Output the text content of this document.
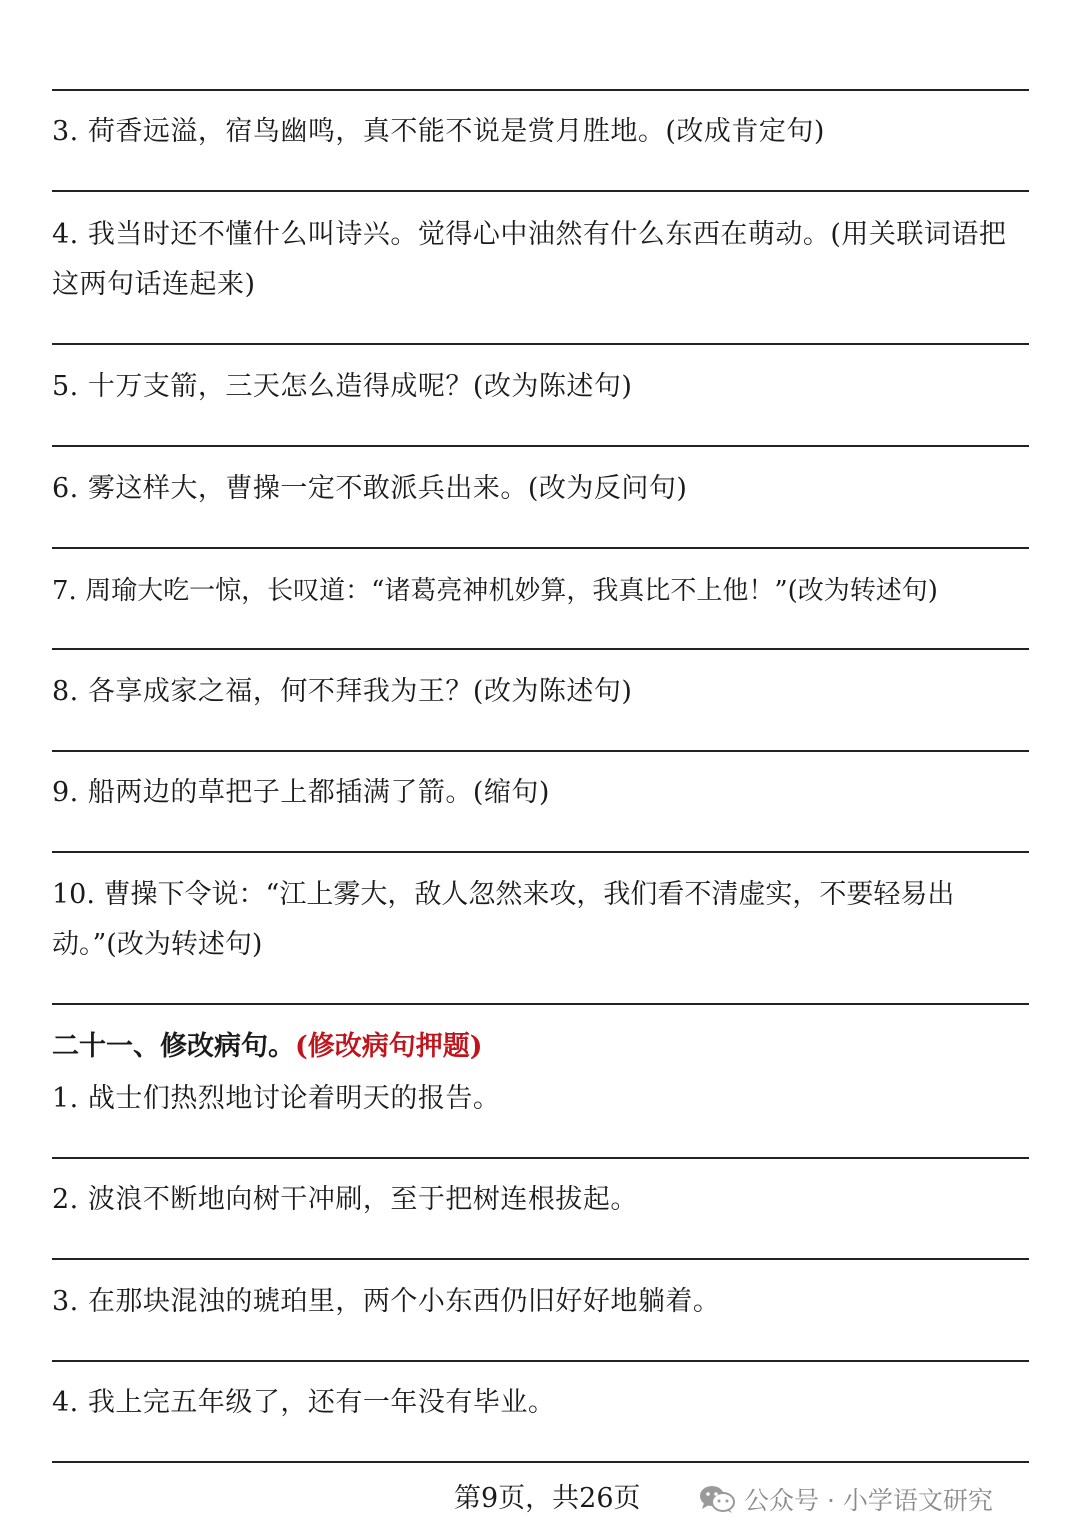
3. 荷香远溢，宿鸟幽鸣，真不能不说是赏月胜地。(改成肯定句)
4. 我当时还不懂什么叫诗兴。觉得心中油然有什么东西在萌动。(用关联词语把这两句话连起来)
5. 十万支箭，三天怎么造得成呢？(改为陈述句)
6. 雾这样大，曹操一定不敢派兵出来。(改为反问句)
7. 周瑜大吃一惊，长叹道：“诸葛亮神机妙算，我真比不上他！”(改为转述句)
8. 各享成家之福，何不拜我为王？(改为陈述句)
9. 船两边的草把子上都插满了箭。(缩句)
10. 曹操下令说：“江上雾大，敌人忽然来攻，我们看不清虚实，不要轻易出动。”(改为转述句)
二十一、修改病句。(修改病句押题)
1. 战士们热烈地讨论着明天的报告。
2. 波浪不断地向树干冲刷，至于把树连根拔起。
3. 在那块混浊的琥珀里，两个小东西仍旧好好地躺着。
4. 我上完五年级了，还有一年没有毕业。
第9页，共26页	公众号 · 小学语文研究
